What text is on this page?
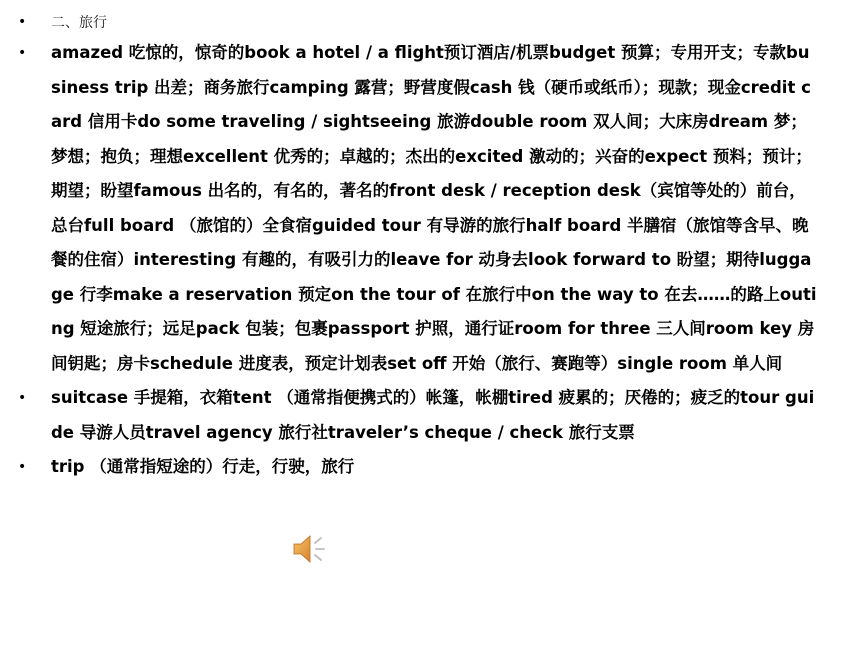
• 二、旅行
• amazed 吃惊的，惊奇的book a hotel / a flight预订酒店/机票budget 预算；专用开支；专款business trip 出差；商务旅行camping 露营；野营度假cash 钱（硬币或纸币）；现款；现金credit card 信用卡do some traveling / sightseeing 旅游double room 双人间；大床房dream 梦；梦想；抱负；理想excellent 优秀的；卓越的；杰出的excited 激动的；兴奋的expect 预料；预计；期望；盼望famous 出名的，有名的，著名的front desk / reception desk（宾馆等处的）前台，总台full board （旅馆的）全食宿guided tour 有导游的旅行half board 半膳宿（旅馆等含早、晚餐的住宿）interesting 有趣的，有吸引力的leave for 动身去look forward to 盼望；期待luggage 行李make a reservation 预定on the tour of 在旅行中on the way to 在去……的路上outing 短途旅行；远足pack 包装；包裹passport 护照，通行证room for three 三人间room key 房间钥匙；房卡schedule 进度表，预定计划表set off 开始（旅行、赛跑等）single room 单人间
• suitcase 手提箱，衣箱tent （通常指便携式的）帐篷，帐棚tired 疲累的；厌倦的；疲乏的tour guide 导游人员travel agency 旅行社traveler’s cheque / check 旅行支票
• trip （通常指短途的）行走，行驶，旅行
